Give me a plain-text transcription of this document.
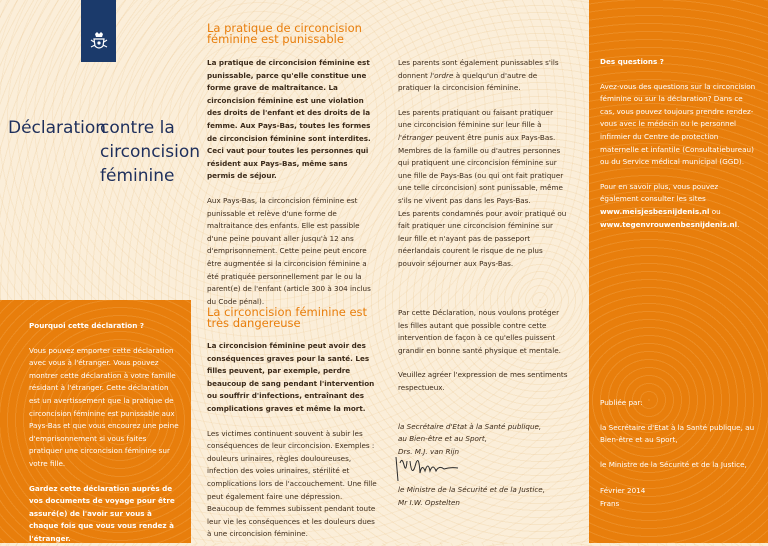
Déclaration
contre la circoncision féminine
La pratique de circoncision féminine est punissable

La pratique de circoncision féminine est punissable, parce qu'elle constitue une forme grave de maltraitance. La circoncision féminine est une violation des droits de l'enfant et des droits de la femme. Aux Pays-Bas, toutes les formes de circoncision féminine sont interdites. Ceci vaut pour toutes les personnes qui résident aux Pays-Bas, même sans permis de séjour.

Aux Pays-Bas, la circoncision féminine est punissable et relève d'une forme de maltraitance des enfants. Elle est passible d'une peine pouvant aller jusqu'à 12 ans d'emprisonnement. Cette peine peut encore être augmentée si la circoncision féminine a été pratiquée personnellement par le ou la parent(e) de l'enfant (article 300 à 304 inclus du Code pénal).

Les parents sont également punissables s'ils donnent l'ordre à quelqu'un d'autre de pratiquer la circoncision féminine.

Les parents pratiquant ou faisant pratiquer une circoncision féminine sur leur fille à l'étranger peuvent être punis aux Pays-Bas. Membres de la famille ou d'autres personnes qui pratiquent une circoncision féminine sur une fille de Pays-Bas (ou qui ont fait pratiquer une telle circoncision) sont punissable, même s'ils ne vivent pas dans les Pays-Bas.

Les parents condamnés pour avoir pratiqué ou fait pratiquer une circoncision féminine sur leur fille et n'ayant pas de passeport néerlandais courent le risque de ne plus pouvoir séjourner aux Pays-Bas.

Des questions ?

Avez-vous des questions sur la circoncision féminine ou sur la déclaration? Dans ce cas, vous pouvez toujours prendre rendez-vous avec le médecin ou le personnel infirmier du Centre de protection maternelle et infantile (Consultatiebureau) ou du Service médical municipal (GGD).

Pour en savoir plus, vous pouvez également consulter les sites www.meisjesbesnijdenis.nl ou www.tegenvrouwenbesnijdenis.nl.

Pourquoi cette déclaration ?

Vous pouvez emporter cette déclaration avec vous à l'étranger. Vous pouvez montrer cette déclaration à votre famille résidant à l'étranger. Cette déclaration est un avertissement que la pratique de circoncision féminine est punissable aux Pays-Bas et que vous encourez une peine d'emprisonnement si vous faites pratiquer une circoncision féminine sur votre fille.

Gardez cette déclaration auprès de vos documents de voyage pour être assuré(e) de l'avoir sur vous à chaque fois que vous vous rendez à l'étranger.

La circoncision féminine est très dangereuse

La circoncision féminine peut avoir des conséquences graves pour la santé. Les filles peuvent, par exemple, perdre beaucoup de sang pendant l'intervention ou souffrir d'infections, entraînant des complications graves et même la mort.

Les victimes continuent souvent à subir les conséquences de leur circoncision. Exemples : douleurs urinaires, règles douloureuses, infection des voies urinaires, stérilité et complications lors de l'accouchement. Une fille peut également faire une dépression. Beaucoup de femmes subissent pendant toute leur vie les conséquences et les douleurs dues à une circoncision féminine.

Par cette Déclaration, nous voulons protéger les filles autant que possible contre cette intervention de façon à ce qu'elles puissent grandir en bonne santé physique et mentale.

Veuillez agréer l'expression de mes sentiments respectueux.

la Secrétaire d'Etat à la Santé publique,
au Bien-être et au Sport,
Drs. M.J. van Rijn

le Ministre de la Sécurité et de la Justice,
Mr I.W. Opstelten

Publiée par:

la Secrétaire d'Etat à la Santé publique, au Bien-être et au Sport,

le Ministre de la Sécurité et de la Justice,

Février 2014

Frans
